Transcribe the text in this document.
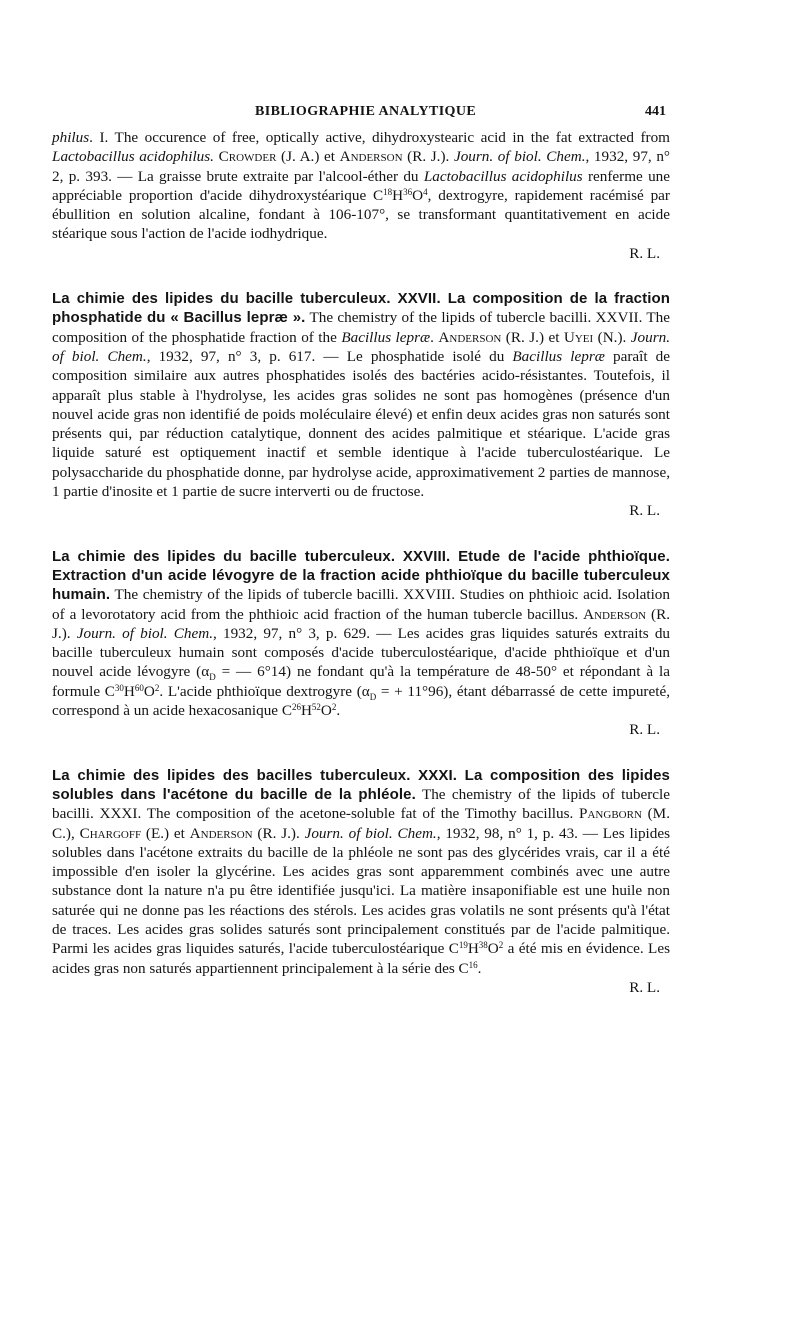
BIBLIOGRAPHIE ANALYTIQUE	441

philus. I. The occurence of free, optically active, dihydroxystearic acid in the fat extracted from Lactobacillus acidophilus. Crowder (J. A.) et Anderson (R. J.). Journ. of biol. Chem., 1932, 97, n° 2, p. 393. — La graisse brute extraite par l'alcool-éther du Lactobacillus acidophilus renferme une appréciable proportion d'acide dihydroxystéarique $C^{18}H^{36}O^4$, dextrogyre, rapidement racémisé par ébullition en solution alcaline, fondant à 106-107°, se transformant quantitativement en acide stéarique sous l'action de l'acide iodhydrique.
R. L.

La chimie des lipides du bacille tuberculeux. XXVII. La composition de la fraction phosphatide du « Bacillus lepræ ». The chemistry of the lipids of tubercle bacilli. XXVII. The composition of the phosphatide fraction of the Bacillus lepræ. Anderson (R. J.) et Uyei (N.). Journ. of biol. Chem., 1932, 97, n° 3, p. 617. — Le phosphatide isolé du Bacillus lepræ paraît de composition similaire aux autres phosphatides isolés des bactéries acido-résistantes. Toutefois, il apparaît plus stable à l'hydrolyse, les acides gras solides ne sont pas homogènes (présence d'un nouvel acide gras non identifié de poids moléculaire élevé) et enfin deux acides gras non saturés sont présents qui, par réduction catalytique, donnent des acides palmitique et stéarique. L'acide gras liquide saturé est optiquement inactif et semble identique à l'acide tuberculostéarique. Le polysaccharide du phosphatide donne, par hydrolyse acide, approximativement 2 parties de mannose, 1 partie d'inosite et 1 partie de sucre interverti ou de fructose.
R. L.

La chimie des lipides du bacille tuberculeux. XXVIII. Etude de l'acide phthioïque. Extraction d'un acide lévogyre de la fraction acide phthioïque du bacille tuberculeux humain. The chemistry of the lipids of tubercle bacilli. XXVIII. Studies on phthioic acid. Isolation of a levorotatory acid from the phthioic acid fraction of the human tubercle bacillus. Anderson (R. J.). Journ. of biol. Chem., 1932, 97, n° 3, p. 629. — Les acides gras liquides saturés extraits du bacille tuberculeux humain sont composés d'acide tuberculostéarique, d'acide phthioïque et d'un nouvel acide lévogyre ($\alpha_D$ = — 6°14) ne fondant qu'à la température de 48-50° et répondant à la formule $C^{30}H^{60}O^2$. L'acide phthioïque dextrogyre ($\alpha_D$ = + 11°96), étant débarrassé de cette impureté, correspond à un acide hexacosanique $C^{26}H^{52}O^2$.
R. L.

La chimie des lipides des bacilles tuberculeux. XXXI. La composition des lipides solubles dans l'acétone du bacille de la phléole. The chemistry of the lipids of tubercle bacilli. XXXI. The composition of the acetone-soluble fat of the Timothy bacillus. Pangborn (M. C.), Chargoff (E.) et Anderson (R. J.). Journ. of biol. Chem., 1932, 98, n° 1, p. 43. — Les lipides solubles dans l'acétone extraits du bacille de la phléole ne sont pas des glycérides vrais, car il a été impossible d'en isoler la glycérine. Les acides gras sont apparemment combinés avec une autre substance dont la nature n'a pu être identifiée jusqu'ici. La matière insaponifiable est une huile non saturée qui ne donne pas les réactions des stérols. Les acides gras volatils ne sont présents qu'à l'état de traces. Les acides gras solides saturés sont principalement constitués par de l'acide palmitique. Parmi les acides gras liquides saturés, l'acide tuberculostéarique $C^{19}H^{38}O^2$ a été mis en évidence. Les acides gras non saturés appartiennent principalement à la série des $C^{16}$.
R. L.
